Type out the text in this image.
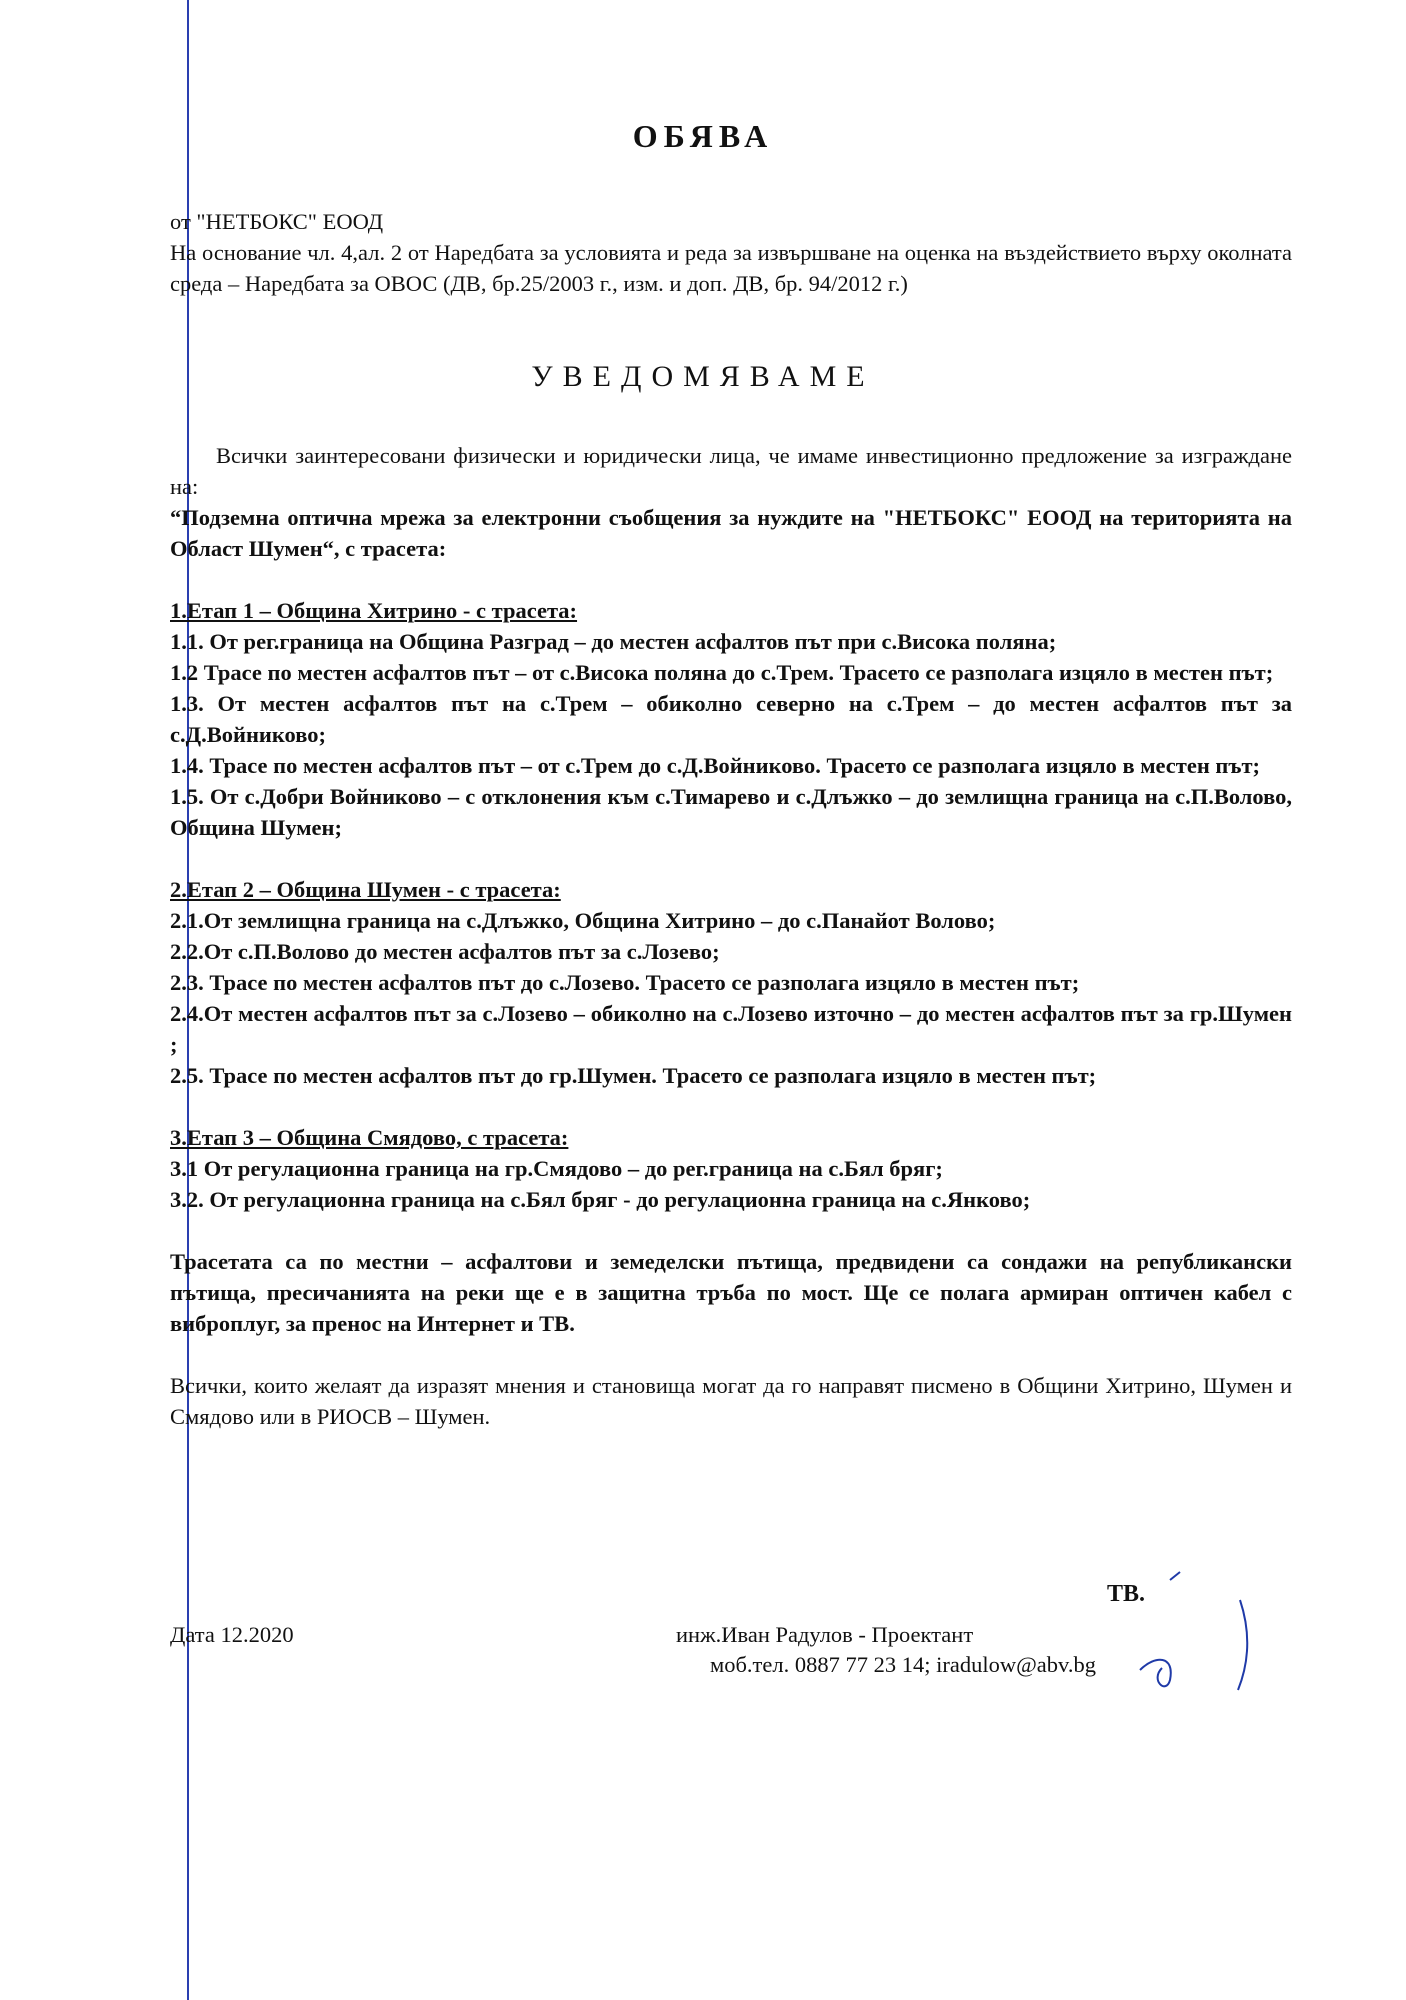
ОБЯВА

от "НЕТБОКС" ЕООД

На основание чл. 4,ал. 2 от Наредбата за условията и реда за извършване на оценка на въздействието върху околната среда – Наредбата за ОВОС (ДВ, бр.25/2003 г., изм. и доп. ДВ, бр. 94/2012 г.)

УВЕДОМЯВАМЕ

Всички заинтересовани физически и юридически лица, че имаме инвестиционно предложение за изграждане на:

“Подземна оптична мрежа за електронни съобщения за нуждите на "НЕТБОКС" ЕООД на територията на Област Шумен“, с трасета:

1.Етап 1 – Община Хитрино - с трасета:

1.1. От рег.граница на Община Разград – до местен асфалтов път при с.Висока поляна;

1.2 Трасе по местен асфалтов път – от с.Висока поляна до с.Трем. Трасето се разполага изцяло в местен път;

1.3. От местен асфалтов път на с.Трем – обиколно северно на с.Трем – до местен асфалтов път за с.Д.Войниково;

1.4. Трасе по местен асфалтов път – от с.Трем до с.Д.Войниково. Трасето се разполага изцяло в местен път;

1.5. От с.Добри Войниково – с отклонения към с.Тимарево и с.Длъжко – до землищна граница на с.П.Волово, Община Шумен;

2.Етап 2 – Община Шумен - с трасета:

2.1.От землищна граница на с.Длъжко, Община Хитрино – до с.Панайот Волово;

2.2.От с.П.Волово до местен асфалтов път за с.Лозево;

2.3. Трасе по местен асфалтов път до с.Лозево. Трасето се разполага изцяло в местен път;

2.4.От местен асфалтов път за с.Лозево – обиколно на с.Лозево източно – до местен асфалтов път за гр.Шумен ;

2.5. Трасе по местен асфалтов път до гр.Шумен. Трасето се разполага изцяло в местен път;

3.Етап 3 – Община Смядово, с трасета:

3.1 От регулационна граница на гр.Смядово – до рег.граница на с.Бял бряг;

3.2. От регулационна граница на с.Бял бряг - до регулационна граница на с.Янково;

Трасетата са по местни – асфалтови и земеделски пътища, предвидени са сондажи на републикански пътища, пресичанията на реки ще е в защитна тръба по мост. Ще се полага армиран оптичен кабел с виброплуг, за пренос на Интернет и ТВ.

Всички, които желаят да изразят мнения и становища могат да го направят писмено в Общини Хитрино, Шумен и Смядово или в РИОСВ – Шумен.

ТВ.
Дата 12.2020	инж.Иван Радулов - Проектант
моб.тел. 0887 77 23 14; iradulow@abv.bg
